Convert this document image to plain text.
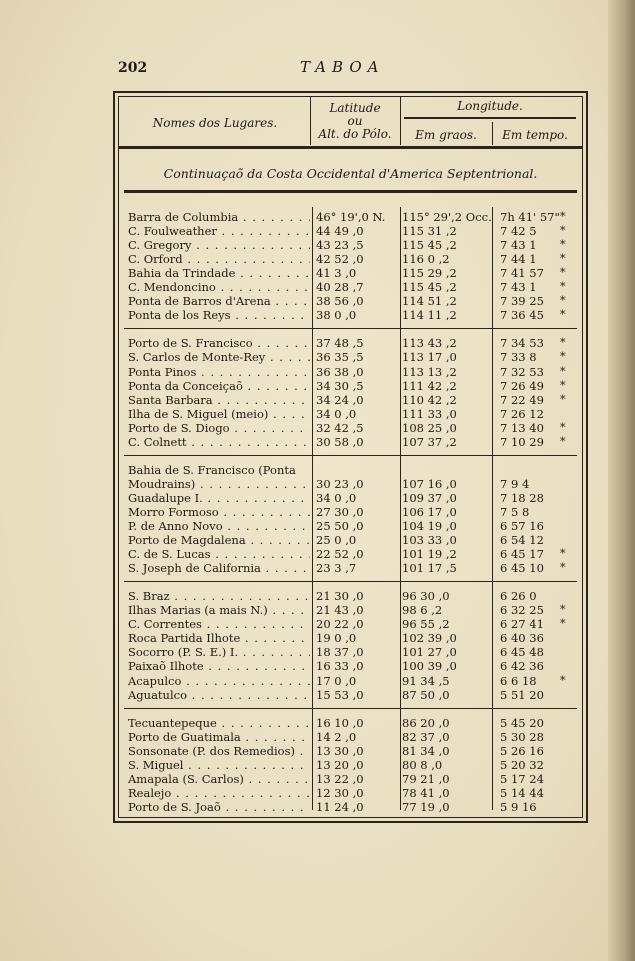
202	TABOA
Nomes dos Lugares.
Latitude
ou
Alt. do Pólo.
Longitude.
Em graos.	Em tempo.
Continuaçaõ da Costa Occidental d'America Septentrional.
Barra de Columbia . . .	46° 19',0 N.	115° 29',2 Occ. 7h 41' 57" *
C. Foulweather . . .	44 49 ,0	115 31 ,2	7 42 5	*
C. Gregory . . .	43 23 ,5	115 45 ,2	7 43 1	*
C. Orford . . .	42 52 ,0	116 0 ,2	7 44 1	*
Bahia da Trindade . . .	41 3 ,0	115 29 ,2	7 41 57	*
C. Mendoncino . . .	40 28 ,7	115 45 ,2	7 43 1	*
Ponta de Barros d'Arena . . .	38 56 ,0	114 51 ,2	7 39 25	*
Ponta de los Reys . . .	38 0 ,0	114 11 ,2	7 36 45	*
Porto de S. Francisco . . .	37 48 ,5	113 43 ,2	7 34 53	*
S. Carlos de Monte-Rey . . .	36 35 ,5	113 17 ,0	7 33 8	*
Ponta Pinos . . .	36 38 ,0	113 13 ,2	7 32 53	*
Ponta da Conceiçaõ . . .	34 30 ,5	111 42 ,2	7 26 49	*
Santa Barbara . . .	34 24 ,0	110 42 ,2	7 22 49	*
Ilha de S. Miguel (meio) . . .	34 0 ,0	111 33 ,0	7 26 12
Porto de S. Diogo . . .	32 42 ,5	108 25 ,0	7 13 40	*
C. Colnett . . .	30 58 ,0	107 37 ,2	7 10 29	*
Bahia de S. Francisco (Ponta
Moudrains) . . .	30 23 ,0	107 16 ,0	7 9 4
Guadalupe I. . . .	34 0 ,0	109 37 ,0	7 18 28
Morro Formoso . . .	27 30 ,0	106 17 ,0	7 5 8
P. de Anno Novo . . .	25 50 ,0	104 19 ,0	6 57 16
Porto de Magdalena . . .	25 0 ,0	103 33 ,0	6 54 12
C. de S. Lucas . . .	22 52 ,0	101 19 ,2	6 45 17	*
S. Joseph de California . . .	23 3 ,7	101 17 ,5	6 45 10	*
S. Braz . . .	21 30 ,0	96 30 ,0	6 26 0
Ilhas Marias (a mais N.) . . .	21 43 ,0	98 6 ,2	6 32 25	*
C. Correntes . . .	20 22 ,0	96 55 ,2	6 27 41	*
Roca Partida Ilhote . . .	19 0 ,0	102 39 ,0	6 40 36
Socorro (P. S. E.) I. . . .	18 37 ,0	101 27 ,0	6 45 48
Paixaõ Ilhote . . .	16 33 ,0	100 39 ,0	6 42 36
Acapulco . . .	17 0 ,0	91 34 ,5	6 6 18	*
Aguatulco . . .	15 53 ,0	87 50 ,0	5 51 20
Tecuantepeque . . .	16 10 ,0	86 20 ,0	5 45 20
Porto de Guatimala . . .	14 2 ,0	82 37 ,0	5 30 28
Sonsonate (P. dos Remedios) . . .	13 30 ,0	81 34 ,0	5 26 16
S. Miguel . . .	13 20 ,0	80 8 ,0	5 20 32
Amapala (S. Carlos) . . .	13 22 ,0	79 21 ,0	5 17 24
Realejo . . .	12 30 ,0	78 41 ,0	5 14 44
Porto de S. Joaõ . . .	11 24 ,0	77 19 ,0	5 9 16
